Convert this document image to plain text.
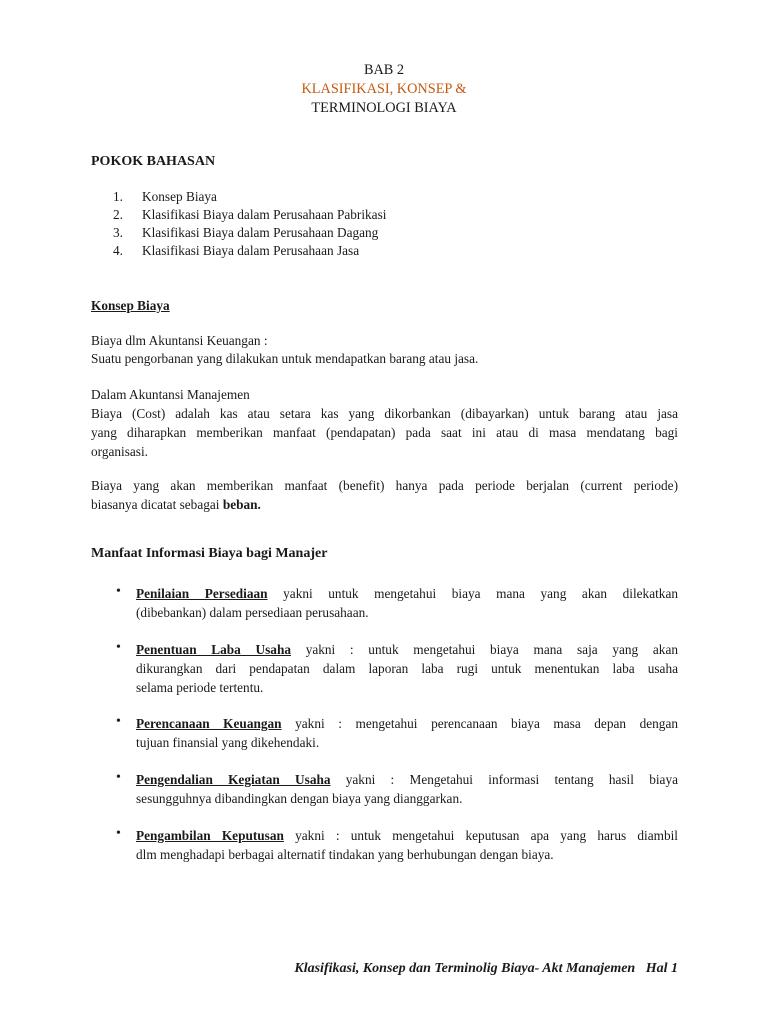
BAB 2
KLASIFIKASI, KONSEP &
TERMINOLOGI BIAYA
POKOK BAHASAN
1. Konsep Biaya
2. Klasifikasi Biaya dalam Perusahaan Pabrikasi
3. Klasifikasi Biaya dalam Perusahaan Dagang
4. Klasifikasi Biaya dalam Perusahaan Jasa
Konsep Biaya
Biaya dlm Akuntansi Keuangan :
Suatu pengorbanan yang dilakukan untuk mendapatkan barang atau jasa.
Dalam Akuntansi Manajemen
Biaya (Cost) adalah kas atau setara kas yang dikorbankan (dibayarkan) untuk barang atau jasa
yang diharapkan memberikan manfaat (pendapatan) pada saat ini atau di masa mendatang bagi
organisasi.
Biaya yang akan memberikan manfaat (benefit) hanya pada periode berjalan (current periode)
biasanya dicatat sebagai beban.
Manfaat Informasi Biaya bagi Manajer
• Penilaian Persediaan yakni untuk mengetahui biaya mana yang akan dilekatkan
(dibebankan) dalam persediaan perusahaan.
• Penentuan Laba Usaha yakni : untuk mengetahui biaya mana saja yang akan
dikurangkan dari pendapatan dalam laporan laba rugi untuk menentukan laba usaha
selama periode tertentu.
• Perencanaan Keuangan yakni : mengetahui perencanaan biaya masa depan dengan
tujuan finansial yang dikehendaki.
• Pengendalian Kegiatan Usaha yakni : Mengetahui informasi tentang hasil biaya
sesungguhnya dibandingkan dengan biaya yang dianggarkan.
• Pengambilan Keputusan yakni : untuk mengetahui keputusan apa yang harus diambil
dlm menghadapi berbagai alternatif tindakan yang berhubungan dengan biaya.
Klasifikasi, Konsep dan Terminolig Biaya- Akt Manajemen Hal 1
